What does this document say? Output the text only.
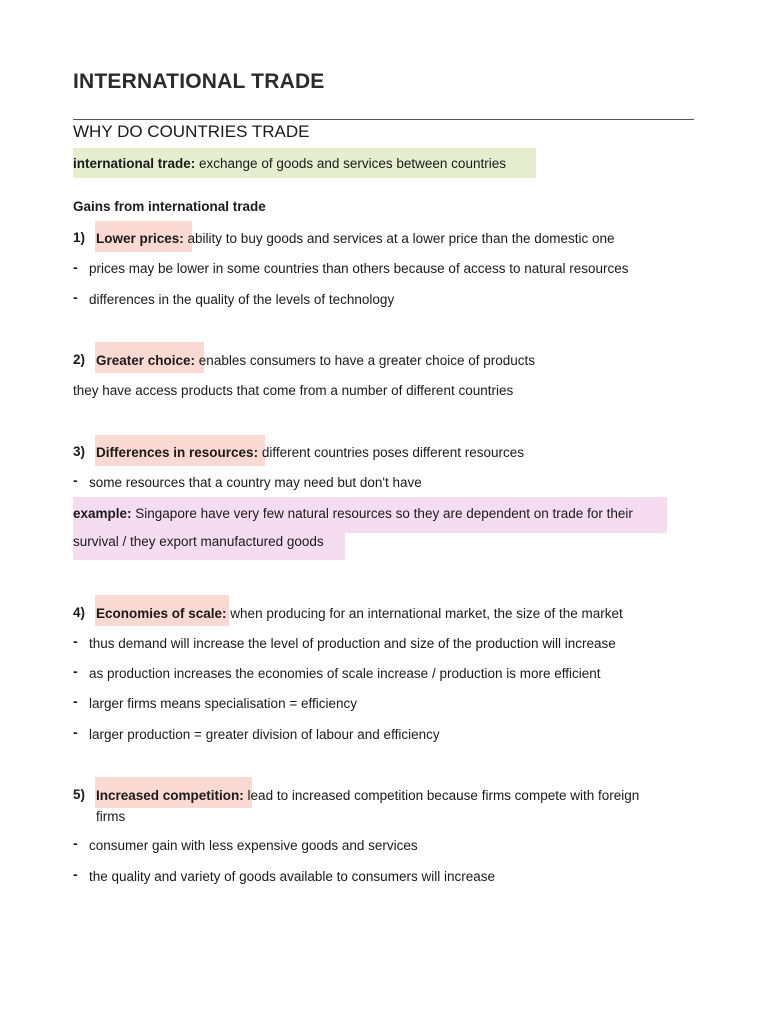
INTERNATIONAL TRADE
WHY DO COUNTRIES TRADE
international trade: exchange of goods and services between countries
Gains from international trade
1) Lower prices: ability to buy goods and services at a lower price than the domestic one
- prices may be lower in some countries than others because of access to natural resources
- differences in the quality of the levels of technology
2) Greater choice: enables consumers to have a greater choice of products
they have access products that come from a number of different countries
3) Differences in resources: different countries poses different resources
- some resources that a country may need but don't have
example: Singapore have very few natural resources so they are dependent on trade for their
survival / they export manufactured goods
4) Economies of scale: when producing for an international market, the size of the market
- thus demand will increase the level of production and size of the production will increase
- as production increases the economies of scale increase / production is more efficient
- larger firms means specialisation = efficiency
- larger production = greater division of labour and efficiency
5) Increased competition: lead to increased competition because firms compete with foreign
firms
- consumer gain with less expensive goods and services
- the quality and variety of goods available to consumers will increase
